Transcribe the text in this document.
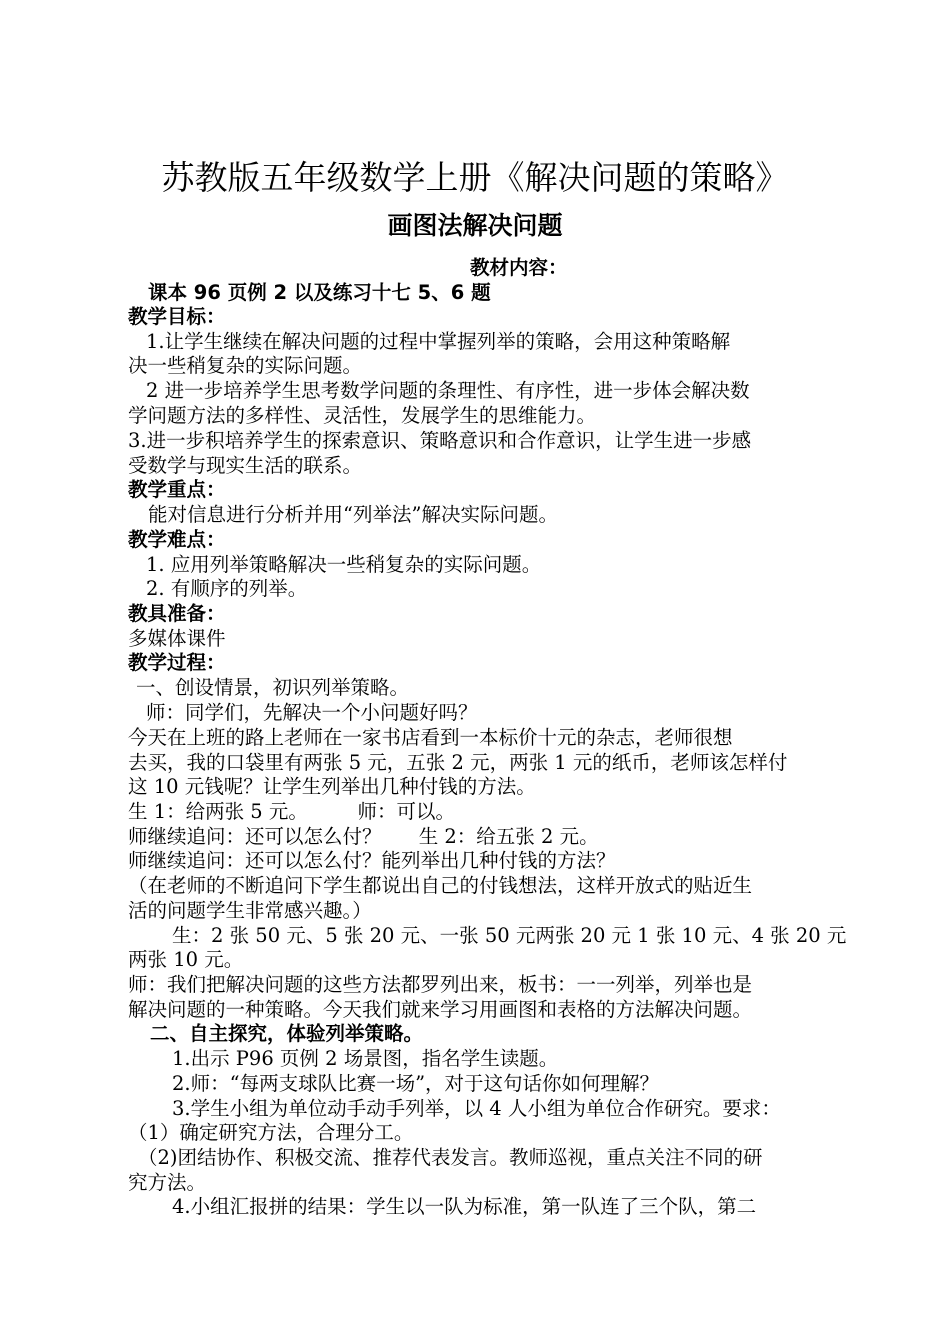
苏教版五年级数学上册《解决问题的策略》
画图法解决问题

教材内容：

课本 96 页例 2 以及练习十七 5、6 题

教学目标：

1.让学生继续在解决问题的过程中掌握列举的策略，会用这种策略解

决一些稍复杂的实际问题。

2 进一步培养学生思考数学问题的条理性、有序性，进一步体会解决数

学问题方法的多样性、灵活性，发展学生的思维能力。

3.进一步积培养学生的探索意识、策略意识和合作意识，让学生进一步感

受数学与现实生活的联系。

教学重点：

能对信息进行分析并用“列举法”解决实际问题。

教学难点：

1. 应用列举策略解决一些稍复杂的实际问题。

2. 有顺序的列举。

教具准备：

多媒体课件

教学过程：

一、创设情景，初识列举策略。

师：同学们，先解决一个小问题好吗？

今天在上班的路上老师在一家书店看到一本标价十元的杂志，老师很想

去买，我的口袋里有两张 5 元，五张 2 元，两张 1 元的纸币，老师该怎样付

这 10 元钱呢？让学生列举出几种付钱的方法。

生 1：给两张 5 元。        师：可以。

师继续追问：还可以怎么付？      生 2：给五张 2 元。

师继续追问：还可以怎么付？能列举出几种付钱的方法？

（在老师的不断追问下学生都说出自己的付钱想法，这样开放式的贴近生

活的问题学生非常感兴趣。）

生：2 张 50 元、5 张 20 元、一张 50 元两张 20 元 1 张 10 元、4 张 20 元

两张 10 元。

师：我们把解决问题的这些方法都罗列出来，板书：一一列举，列举也是

解决问题的一种策略。今天我们就来学习用画图和表格的方法解决问题。

二、自主探究，体验列举策略。

1.出示 P96 页例 2 场景图，指名学生读题。

2.师：“每两支球队比赛一场”，对于这句话你如何理解？

3.学生小组为单位动手动手列举，以 4 人小组为单位合作研究。要求：

（1）确定研究方法，合理分工。

（2)团结协作、积极交流、推荐代表发言。教师巡视，重点关注不同的研

究方法。

4.小组汇报拼的结果：学生以一队为标准，第一队连了三个队，第二
